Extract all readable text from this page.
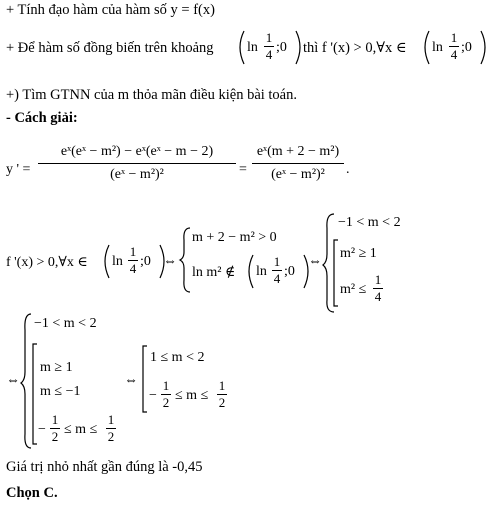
+ Tính đạo hàm của hàm số y = f(x)
+ Để hàm số đồng biến trên khoảng ln
1
4 ;0 thì f '(x) > 0,∀x ∈ ln
1
4 ;0
+) Tìm GTNN của m thỏa mãn điều kiện bài toán.
- Cách giải:
y ' =
eˣ(eˣ − m²) − eˣ(eˣ − m − 2)
(eˣ − m²)²	=
eˣ(m + 2 − m²)
(eˣ − m²)²	.
f '(x) > 0,∀x ∈ ln
1
4 ;0 ⇔
m + 2 − m² > 0
ln m² ∉ ln
1
4 ;0
⇔
−1 < m < 2
m² ≥ 1
m² ≤
1
4
⇔
−1 < m < 2
m ≥ 1
m ≤ −1
−
1
2 ≤ m ≤
1
2
⇔
1 ≤ m < 2
−
1
2 ≤ m ≤
1
2
Giá trị nhỏ nhất gần đúng là -0,45
Chọn C.
